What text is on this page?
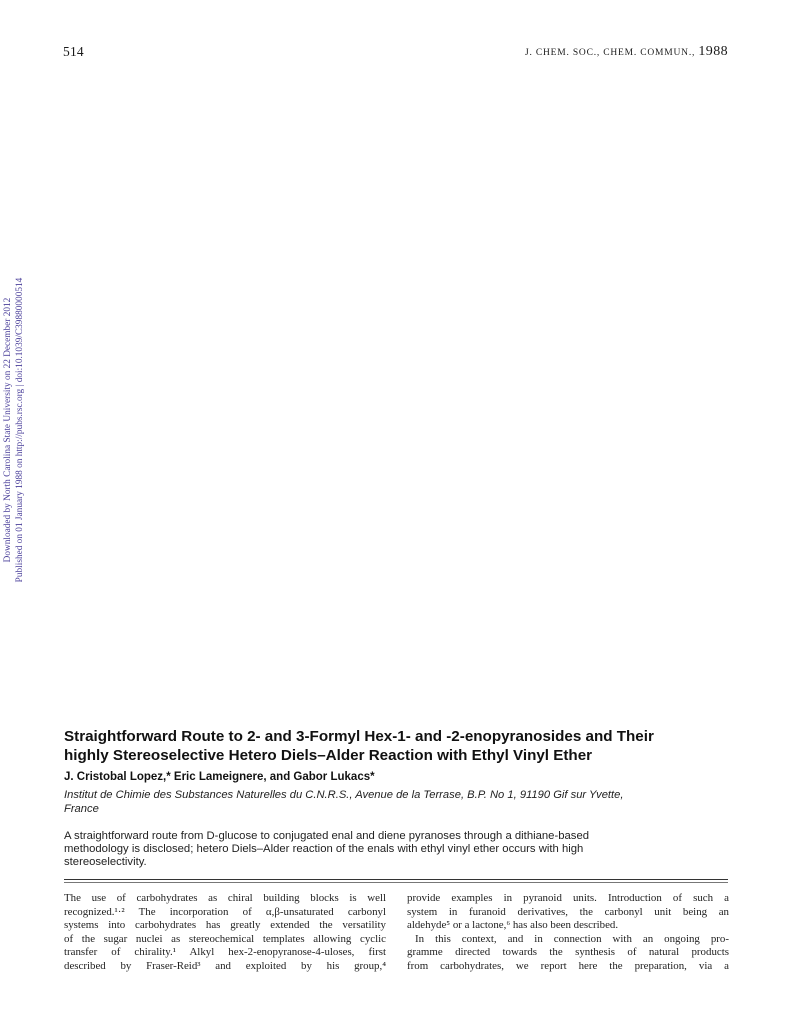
514	J. CHEM. SOC., CHEM. COMMUN., 1988
Downloaded by North Carolina State University on 22 December 2012 Published on 01 January 1988 on http://pubs.rsc.org | doi:10.1039/C39880000514
Straightforward Route to 2- and 3-Formyl Hex-1- and -2-enopyranosides and Their
highly Stereoselective Hetero Diels–Alder Reaction with Ethyl Vinyl Ether
J. Cristobal Lopez,* Eric Lameignere, and Gabor Lukacs*
Institut de Chimie des Substances Naturelles du C.N.R.S., Avenue de la Terrase, B.P. No 1, 91190 Gif sur Yvette,
France
A straightforward route from D-glucose to conjugated enal and diene pyranoses through a dithiane-based
methodology is disclosed; hetero Diels–Alder reaction of the enals with ethyl vinyl ether occurs with high
stereoselectivity.
The use of carbohydrates as chiral building blocks is well
recognized.¹·² The incorporation of α,β-unsaturated carbonyl
systems into carbohydrates has greatly extended the versatility
of the sugar nuclei as stereochemical templates allowing cyclic
transfer of chirality.¹ Alkyl hex-2-enopyranose-4-uloses, first
described by Fraser-Reid³ and exploited by his group,⁴
provide examples in pyranoid units. Introduction of such a
system in furanoid derivatives, the carbonyl unit being an
aldehyde⁵ or a lactone,⁶ has also been described.
In this context, and in connection with an ongoing pro-
gramme directed towards the synthesis of natural products
from carbohydrates, we report here the preparation, via a
